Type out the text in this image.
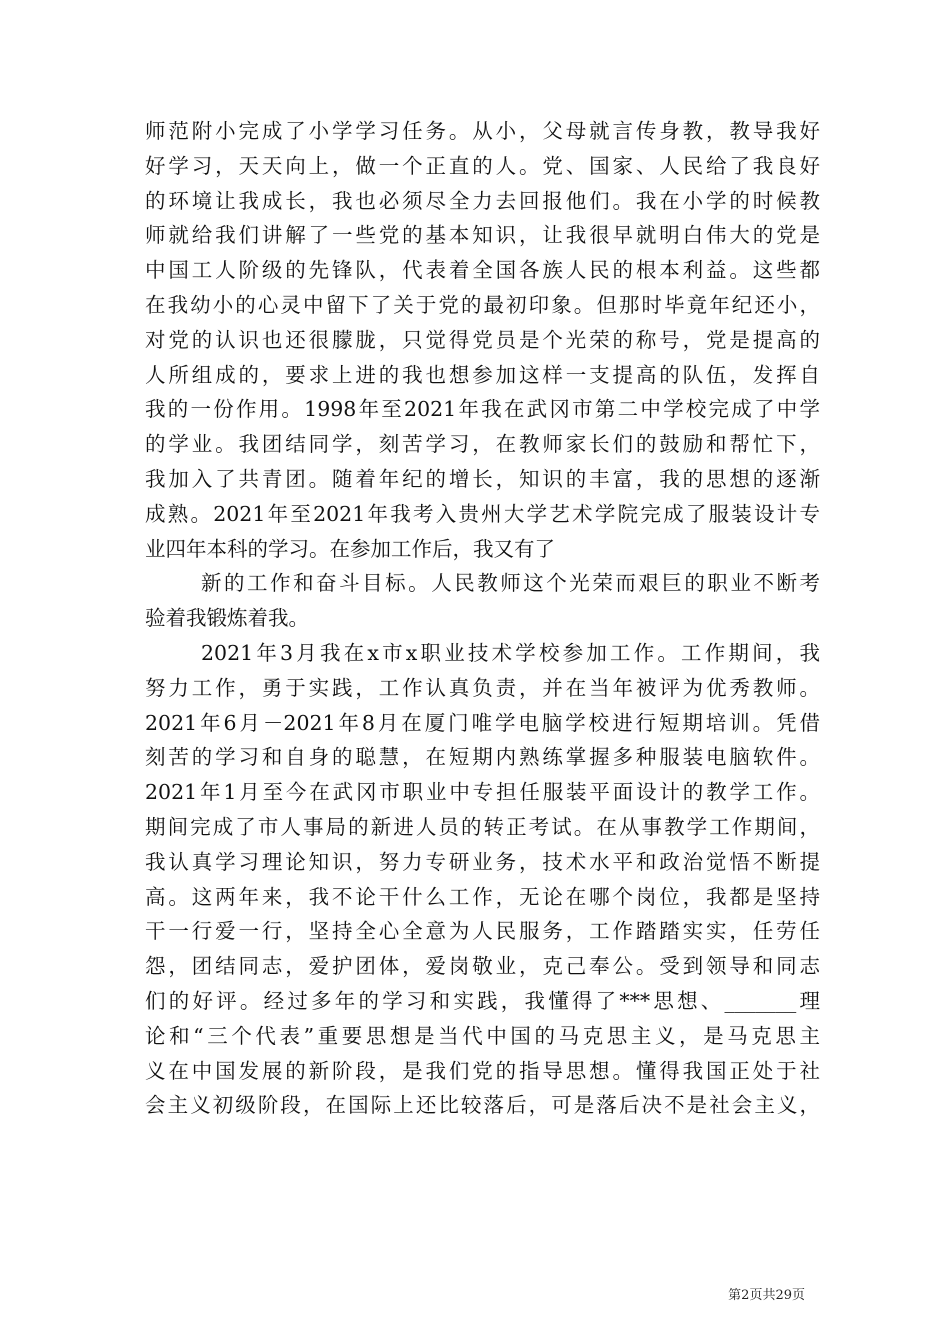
师范附小完成了小学学习任务。从小，父母就言传身教，教导我好
好学习，天天向上，做一个正直的人。党、国家、人民给了我良好
的环境让我成长，我也必须尽全力去回报他们。我在小学的时候教
师就给我们讲解了一些党的基本知识，让我很早就明白伟大的党是
中国工人阶级的先锋队，代表着全国各族人民的根本利益。这些都
在我幼小的心灵中留下了关于党的最初印象。但那时毕竟年纪还小，
对党的认识也还很朦胧，只觉得党员是个光荣的称号，党是提高的
人所组成的，要求上进的我也想参加这样一支提高的队伍，发挥自
我的一份作用。1998年至2021年我在武冈市第二中学校完成了中学
的学业。我团结同学，刻苦学习，在教师家长们的鼓励和帮忙下，
我加入了共青团。随着年纪的增长，知识的丰富，我的思想的逐渐
成熟。2021年至2021年我考入贵州大学艺术学院完成了服装设计专
业四年本科的学习。在参加工作后，我又有了
新的工作和奋斗目标。人民教师这个光荣而艰巨的职业不断考
验着我锻炼着我。
2021年3月我在x市x职业技术学校参加工作。工作期间，我
努力工作，勇于实践，工作认真负责，并在当年被评为优秀教师。
2021年6月－2021年8月在厦门唯学电脑学校进行短期培训。凭借
刻苦的学习和自身的聪慧，在短期内熟练掌握多种服装电脑软件。
2021年1月至今在武冈市职业中专担任服装平面设计的教学工作。
期间完成了市人事局的新进人员的转正考试。在从事教学工作期间，
我认真学习理论知识，努力专研业务，技术水平和政治觉悟不断提
高。这两年来，我不论干什么工作，无论在哪个岗位，我都是坚持
干一行爱一行，坚持全心全意为人民服务，工作踏踏实实，任劳任
怨，团结同志，爱护团体，爱岗敬业，克己奉公。受到领导和同志
们的好评。经过多年的学习和实践，我懂得了***思想、_______理
论和“三个代表”重要思想是当代中国的马克思主义，是马克思主
义在中国发展的新阶段，是我们党的指导思想。懂得我国正处于社
会主义初级阶段，在国际上还比较落后，可是落后决不是社会主义，
第2页共29页
